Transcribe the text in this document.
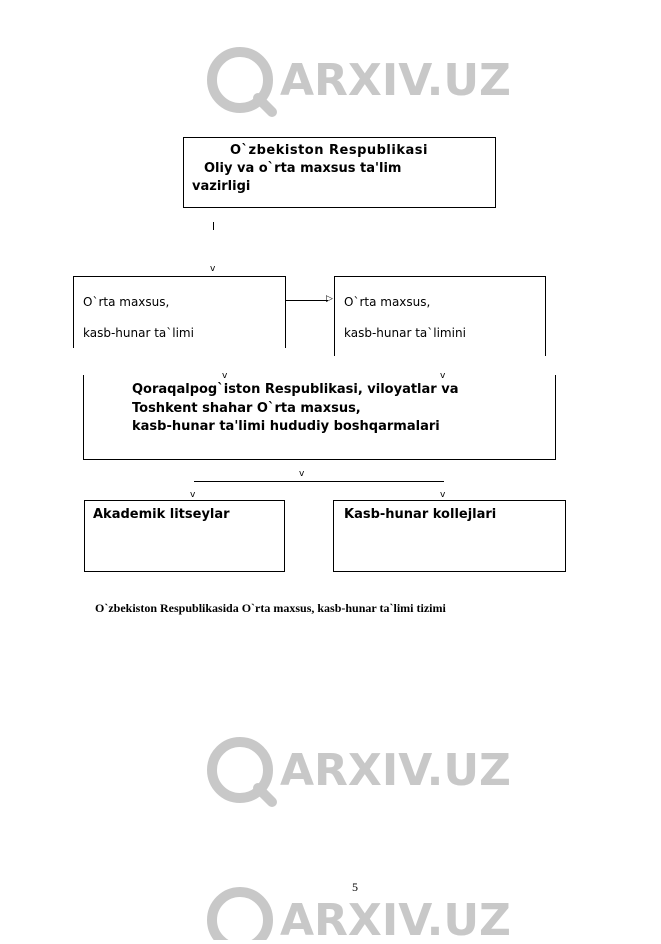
ARXIV.UZ
ARXIV.UZ
ARXIV.UZ
O`zbekiston Respublikasi
Oliy va o`rta maxsus ta'lim
vazirligi
v
O`rta maxsus,
kasb-hunar ta`limi
▷ O`rta maxsus,
kasb-hunar ta`limini
v	v
Qoraqalpog`iston Respublikasi, viloyatlar va
Toshkent shahar O`rta maxsus,
kasb-hunar ta'limi hududiy boshqarmalari
v
v	v
Akademik litseylar	Kasb-hunar kollejlari
O`zbekiston Respublikasida O`rta maxsus, kasb-hunar ta`limi tizimi
5
